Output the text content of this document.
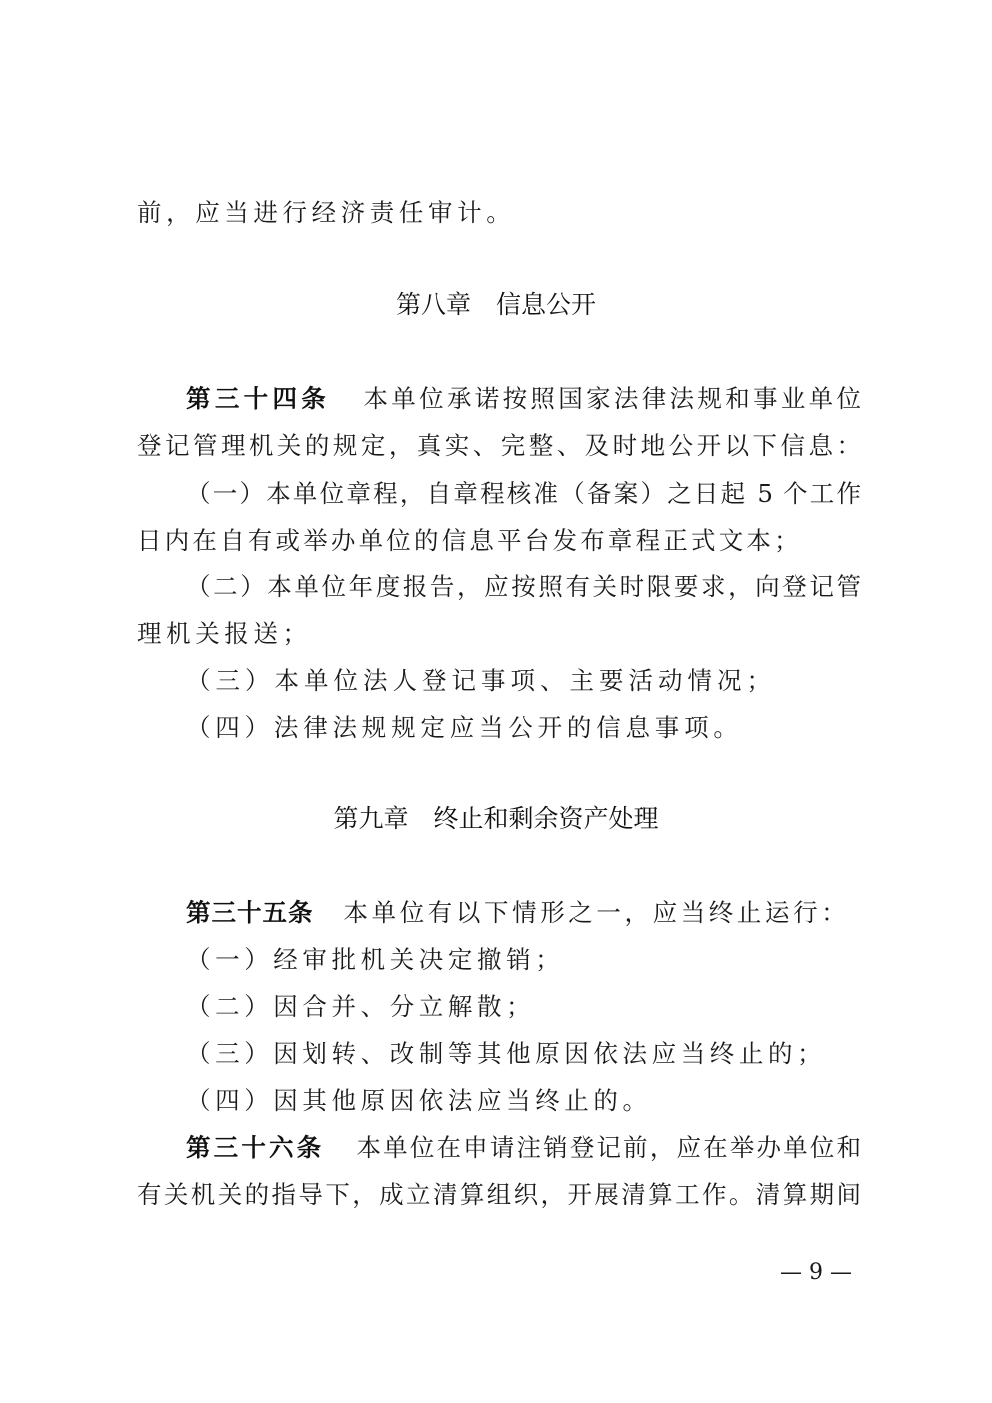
前，应当进行经济责任审计。
第八章　信息公开
第三十四条 本单位承诺按照国家法律法规和事业单位
登记管理机关的规定，真实、完整、及时地公开以下信息：
（一）本单位章程，自章程核准（备案）之日起 5 个工作
日内在自有或举办单位的信息平台发布章程正式文本；
（二）本单位年度报告，应按照有关时限要求，向登记管
理机关报送；
（三）本单位法人登记事项、主要活动情况；
（四）法律法规规定应当公开的信息事项。
第九章　终止和剩余资产处理
第三十五条 本单位有以下情形之一，应当终止运行：
（一）经审批机关决定撤销；
（二）因合并、分立解散；
（三）因划转、改制等其他原因依法应当终止的；
（四）因其他原因依法应当终止的。
第三十六条 本单位在申请注销登记前，应在举办单位和
有关机关的指导下，成立清算组织，开展清算工作。清算期间
— 9 —
